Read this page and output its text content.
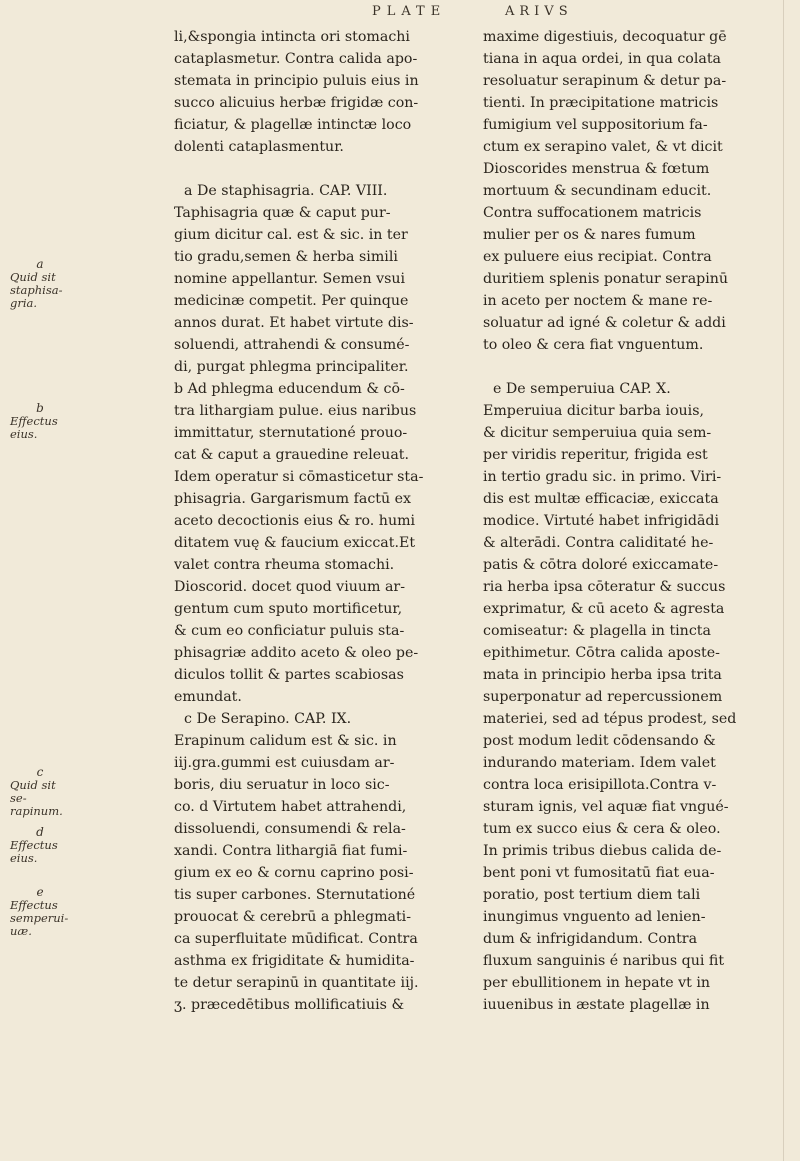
PLATE	ARIVS
a
Quid sit staphisa-gria.
b
Effectus eius.
c
Quid sit se-rapinum.
d
Effectus eius.
e
Effectus semperui-uæ.
li,&spongia intincta ori stomachi
cataplasmetur. Contra calida apo-
stemata in principio puluis eius in
succo alicuius herbæ frigidæ con-
ficiatur, & plagellæ intinctæ loco
dolenti cataplasmentur.
a De staphisagria. CAP. VIII.
Taphisagria quæ & caput pur-
gium dicitur cal. est & sic. in ter
tio gradu,semen & herba simili
nomine appellantur. Semen vsui
medicinæ competit. Per quinque
annos durat. Et habet virtute dis-
soluendi, attrahendi & consumé-
di, purgat phlegma principaliter.
b Ad phlegma educendum & cō-
tra lithargiam pulue. eius naribus
immittatur, sternutationé prouo-
cat & caput a grauedine releuat.
Idem operatur si cōmasticetur sta-
phisagria. Gargarismum factū ex
aceto decoctionis eius & ro. humi
ditatem vuę & faucium exiccat.Et
valet contra rheuma stomachi.
Dioscorid. docet quod viuum ar-
gentum cum sputo mortificetur,
& cum eo conficiatur puluis sta-
phisagriæ addito aceto & oleo pe-
diculos tollit & partes scabiosas
emundat.
c De Serapino. CAP. IX.
Erapinum calidum est & sic. in
iij.gra.gummi est cuiusdam ar-
boris, diu seruatur in loco sic-
co. d Virtutem habet attrahendi,
dissoluendi, consumendi & rela-
xandi. Contra lithargiā fiat fumi-
gium ex eo & cornu caprino posi-
tis super carbones. Sternutationé
prouocat & cerebrū a phlegmati-
ca superfluitate mūdificat. Contra
asthma ex frigiditate & humidita-
te detur serapinū in quantitate iij.
ʒ. præcedētibus mollificatiuis &
maxime digestiuis, decoquatur gē
tiana in aqua ordei, in qua colata
resoluatur serapinum & detur pa-
tienti. In præcipitatione matricis
fumigium vel suppositorium fa-
ctum ex serapino valet, & vt dicit
Dioscorides menstrua & fœtum
mortuum & secundinam educit.
Contra suffocationem matricis
mulier per os & nares fumum
ex puluere eius recipiat. Contra
duritiem splenis ponatur serapinū
in aceto per noctem & mane re-
soluatur ad igné & coletur & addi
to oleo & cera fiat vnguentum.
e De semperuiua CAP. X.
Emperuiua dicitur barba iouis,
& dicitur semperuiua quia sem-
per viridis reperitur, frigida est
in tertio gradu sic. in primo. Viri-
dis est multæ efficaciæ, exiccata
modice. Virtuté habet infrigidādi
& alterādi. Contra caliditaté he-
patis & cōtra doloré exiccamate-
ria herba ipsa cōteratur & succus
exprimatur, & cū aceto & agresta
comiseatur: & plagella in tincta
epithimetur. Cōtra calida aposte-
mata in principio herba ipsa trita
superponatur ad repercussionem
materiei, sed ad tépus prodest, sed
post modum ledit cōdensando &
indurando materiam. Idem valet
contra loca erisipillota.Contra v-
sturam ignis, vel aquæ fiat vngué-
tum ex succo eius & cera & oleo.
In primis tribus diebus calida de-
bent poni vt fumositatū fiat eua-
poratio, post tertium diem tali
inungimus vnguento ad lenien-
dum & infrigidandum. Contra
fluxum sanguinis é naribus qui fit
per ebullitionem in hepate vt in
iuuenibus in æstate plagellæ in
